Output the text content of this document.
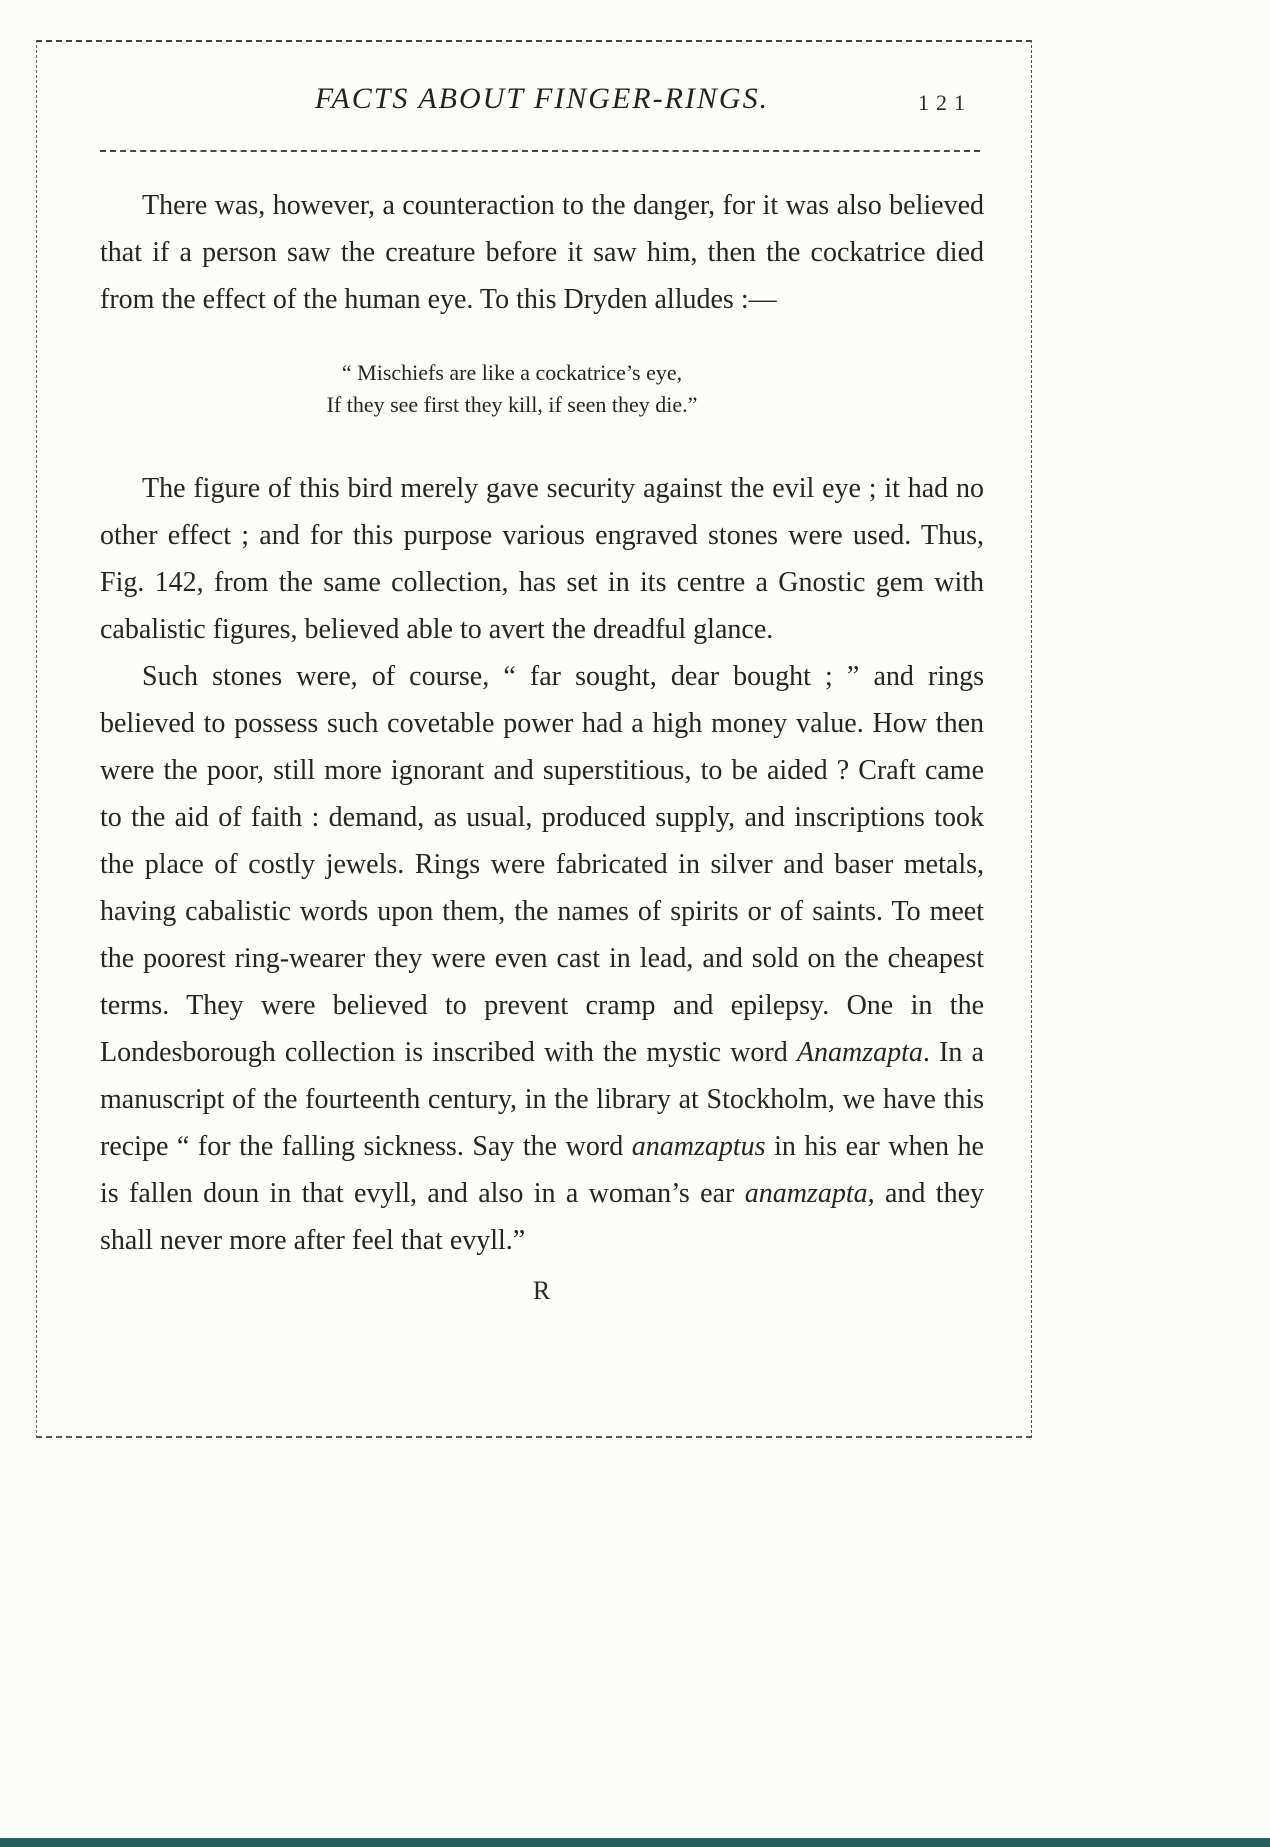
FACTS ABOUT FINGER-RINGS.	121

There was, however, a counteraction to the danger, for it was also believed that if a person saw the creature before it saw him, then the cockatrice died from the effect of the human eye. To this Dryden alludes :—

“ Mischiefs are like a cockatrice’s eye,
If they see first they kill, if seen they die.”

The figure of this bird merely gave security against the evil eye ; it had no other effect ; and for this purpose various engraved stones were used. Thus, Fig. 142, from the same collection, has set in its centre a Gnostic gem with cabalistic figures, believed able to avert the dreadful glance.

Such stones were, of course, “ far sought, dear bought ; ” and rings believed to possess such covetable power had a high money value. How then were the poor, still more ignorant and superstitious, to be aided ? Craft came to the aid of faith : demand, as usual, produced supply, and inscriptions took the place of costly jewels. Rings were fabricated in silver and baser metals, having cabalistic words upon them, the names of spirits or of saints. To meet the poorest ring-wearer they were even cast in lead, and sold on the cheapest terms. They were believed to prevent cramp and epilepsy. One in the Londesborough collection is inscribed with the mystic word Anamzapta. In a manuscript of the fourteenth century, in the library at Stockholm, we have this recipe “ for the falling sickness. Say the word anamzaptus in his ear when he is fallen doun in that evyll, and also in a woman’s ear anamzapta, and they shall never more after feel that evyll.”

R
